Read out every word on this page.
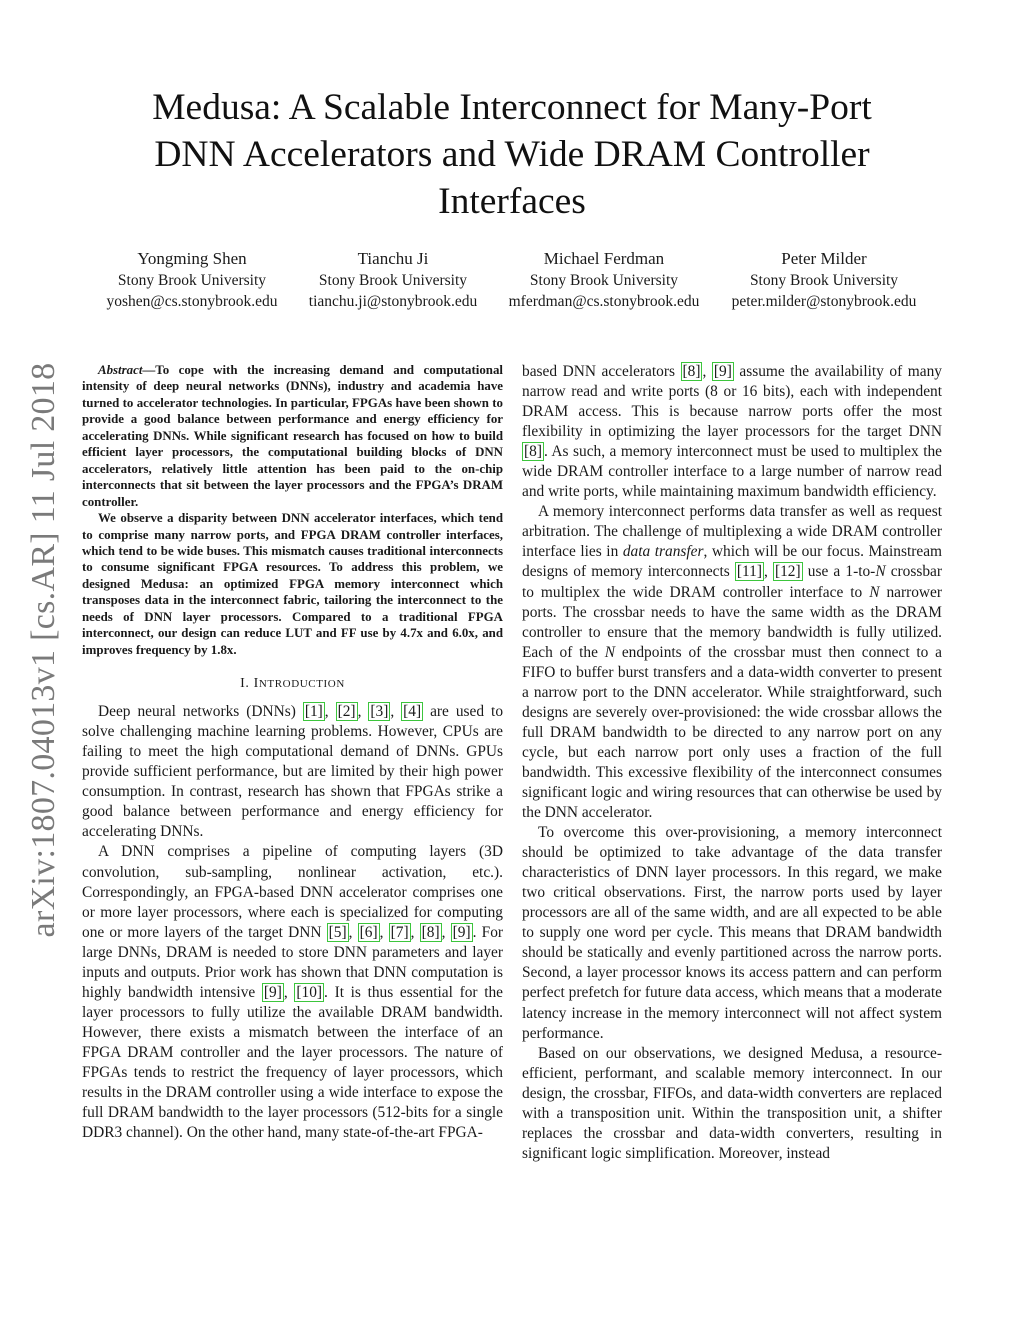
arXiv:1807.04013v1 [cs.AR] 11 Jul 2018
Medusa: A Scalable Interconnect for Many-Port
DNN Accelerators and Wide DRAM Controller
Interfaces
Yongming Shen
Stony Brook University
yoshen@cs.stonybrook.edu
Tianchu Ji
Stony Brook University
tianchu.ji@stonybrook.edu
Michael Ferdman
Stony Brook University
mferdman@cs.stonybrook.edu
Peter Milder
Stony Brook University
peter.milder@stonybrook.edu

Abstract—To cope with the increasing demand and computational intensity of deep neural networks (DNNs), industry and academia have turned to accelerator technologies. In particular, FPGAs have been shown to provide a good balance between performance and energy efficiency for accelerating DNNs. While significant research has focused on how to build efficient layer processors, the computational building blocks of DNN accelerators, relatively little attention has been paid to the on-chip interconnects that sit between the layer processors and the FPGA’s DRAM controller.

We observe a disparity between DNN accelerator interfaces, which tend to comprise many narrow ports, and FPGA DRAM controller interfaces, which tend to be wide buses. This mismatch causes traditional interconnects to consume significant FPGA resources. To address this problem, we designed Medusa: an optimized FPGA memory interconnect which transposes data in the interconnect fabric, tailoring the interconnect to the needs of DNN layer processors. Compared to a traditional FPGA interconnect, our design can reduce LUT and FF use by 4.7x and 6.0x, and improves frequency by 1.8x.

I. INTRODUCTION

Deep neural networks (DNNs) [1] , [2] , [3] , [4] are used to solve challenging machine learning problems. However, CPUs are failing to meet the high computational demand of DNNs. GPUs provide sufficient performance, but are limited by their high power consumption. In contrast, research has shown that FPGAs strike a good balance between performance and energy efficiency for accelerating DNNs.

A DNN comprises a pipeline of computing layers (3D convolution, sub-sampling, nonlinear activation, etc.). Correspondingly, an FPGA-based DNN accelerator comprises one or more layer processors, where each is specialized for computing one or more layers of the target DNN [5] , [6] , [7] , [8] , [9] . For large DNNs, DRAM is needed to store DNN parameters and layer inputs and outputs. Prior work has shown that DNN computation is highly bandwidth intensive [9] , [10] . It is thus essential for the layer processors to fully utilize the available DRAM bandwidth. However, there exists a mismatch between the interface of an FPGA DRAM controller and the layer processors. The nature of FPGAs tends to restrict the frequency of layer processors, which results in the DRAM controller using a wide interface to expose the full DRAM bandwidth to the layer processors (512-bits for a single DDR3 channel). On the other hand, many state-of-the-art FPGA-

based DNN accelerators [8] , [9] assume the availability of many narrow read and write ports (8 or 16 bits), each with independent DRAM access. This is because narrow ports offer the most flexibility in optimizing the layer processors for the target DNN [8] . As such, a memory interconnect must be used to multiplex the wide DRAM controller interface to a large number of narrow read and write ports, while maintaining maximum bandwidth efficiency.

A memory interconnect performs data transfer as well as request arbitration. The challenge of multiplexing a wide DRAM controller interface lies in data transfer, which will be our focus. Mainstream designs of memory interconnects [11] , [12] use a 1-to-N crossbar to multiplex the wide DRAM controller interface to N narrower ports. The crossbar needs to have the same width as the DRAM controller to ensure that the memory bandwidth is fully utilized. Each of the N endpoints of the crossbar must then connect to a FIFO to buffer burst transfers and a data-width converter to present a narrow port to the DNN accelerator. While straightforward, such designs are severely over-provisioned: the wide crossbar allows the full DRAM bandwidth to be directed to any narrow port on any cycle, but each narrow port only uses a fraction of the full bandwidth. This excessive flexibility of the interconnect consumes significant logic and wiring resources that can otherwise be used by the DNN accelerator.

To overcome this over-provisioning, a memory interconnect should be optimized to take advantage of the data transfer characteristics of DNN layer processors. In this regard, we make two critical observations. First, the narrow ports used by layer processors are all of the same width, and are all expected to be able to supply one word per cycle. This means that DRAM bandwidth should be statically and evenly partitioned across the narrow ports. Second, a layer processor knows its access pattern and can perform perfect prefetch for future data access, which means that a moderate latency increase in the memory interconnect will not affect system performance.

Based on our observations, we designed Medusa, a resource-efficient, performant, and scalable memory interconnect. In our design, the crossbar, FIFOs, and data-width converters are replaced with a transposition unit. Within the transposition unit, a shifter replaces the crossbar and data-width converters, resulting in significant logic simplification. Moreover, instead
